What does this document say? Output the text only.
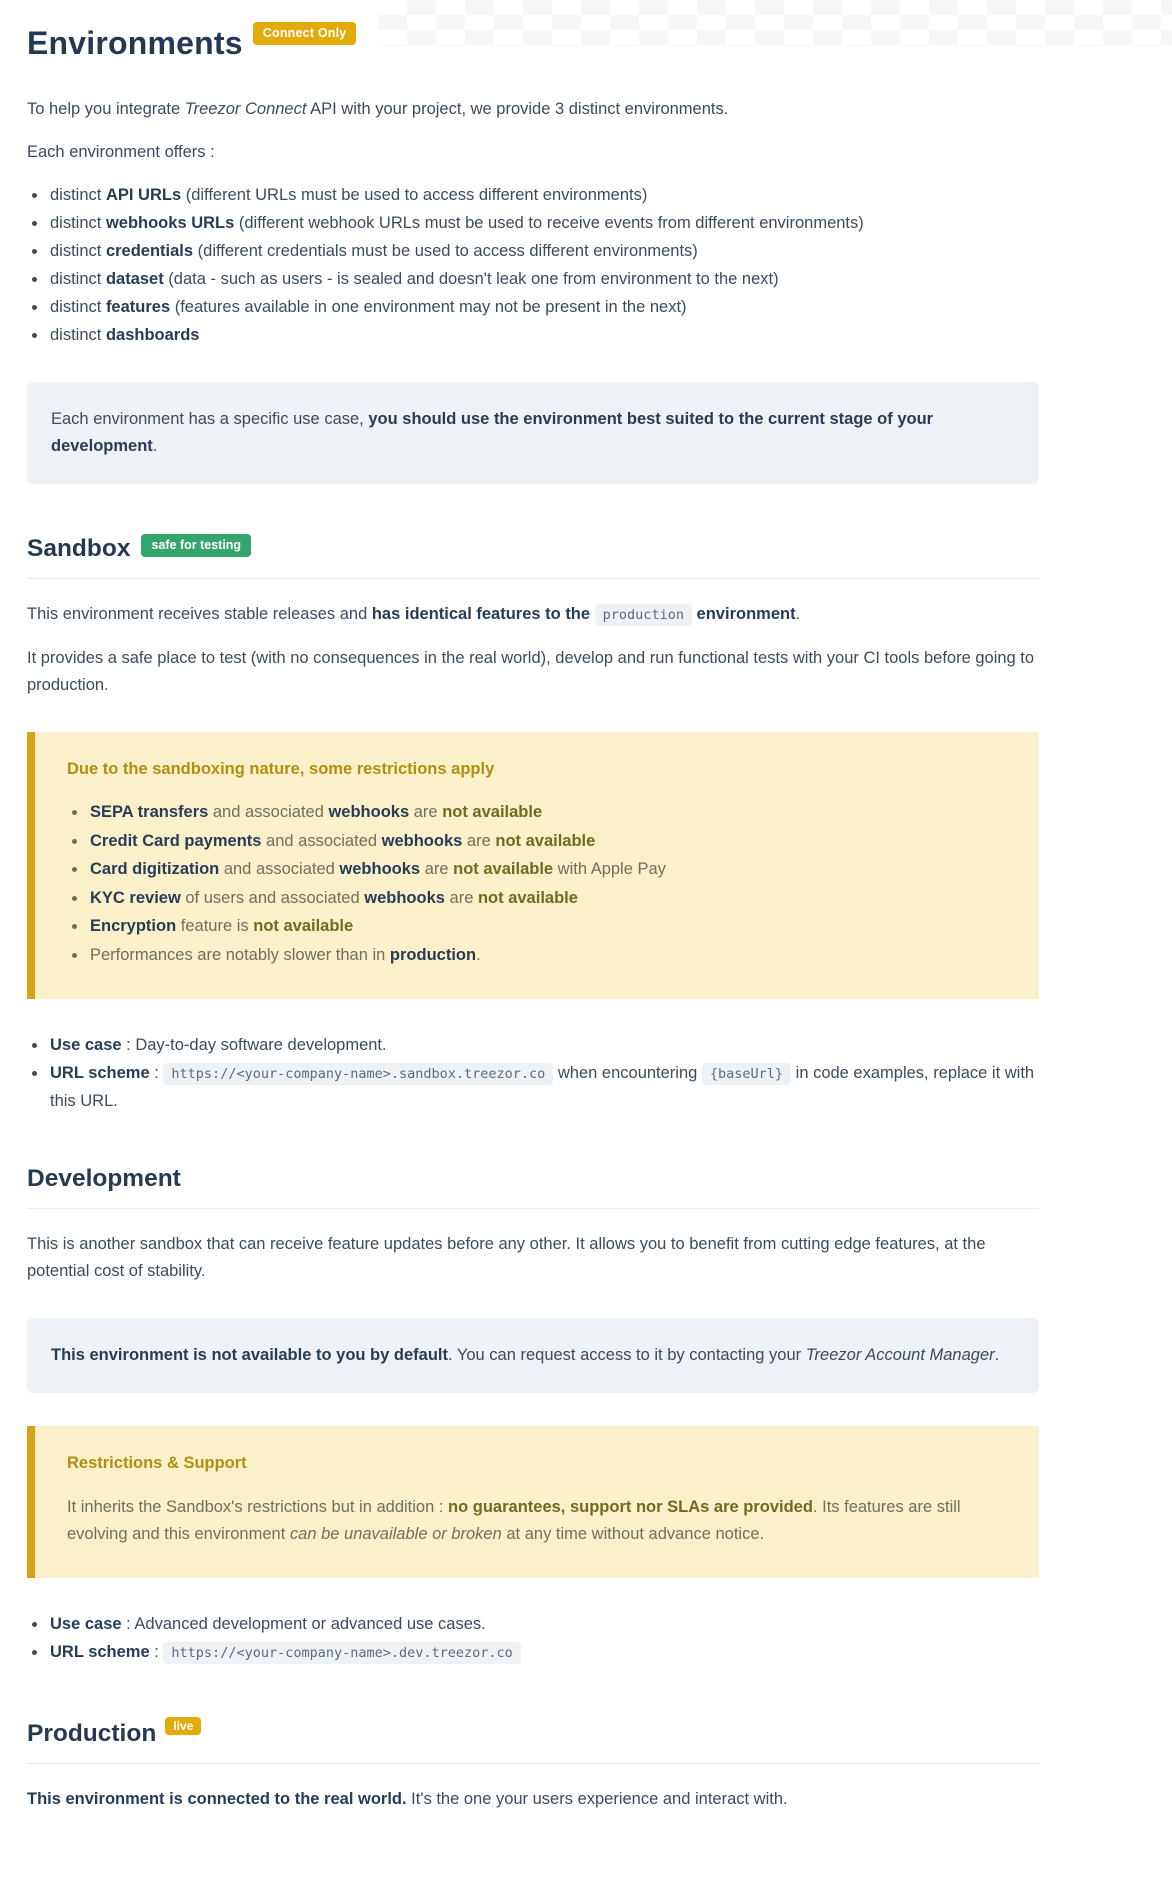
Environments Connect Only

To help you integrate Treezor Connect API with your project, we provide 3 distinct environments.

Each environment offers :

• distinct API URLs (different URLs must be used to access different environments)
• distinct webhooks URLs (different webhook URLs must be used to receive events from different environments)
• distinct credentials (different credentials must be used to access different environments)
• distinct dataset (data - such as users - is sealed and doesn't leak one from environment to the next)
• distinct features (features available in one environment may not be present in the next)
• distinct dashboards
Each environment has a specific use case, you should use the environment best suited to the current stage of your development.
Sandbox safe for testing

This environment receives stable releases and has identical features to the production environment.

It provides a safe place to test (with no consequences in the real world), develop and run functional tests with your CI tools before going to production.

Due to the sandboxing nature, some restrictions apply
• SEPA transfers and associated webhooks are not available
• Credit Card payments and associated webhooks are not available
• Card digitization and associated webhooks are not available with Apple Pay
• KYC review of users and associated webhooks are not available
• Encryption feature is not available
• Performances are notably slower than in production.
• Use case : Day-to-day software development.
• URL scheme : https://<your-company-name>.sandbox.treezor.co when encountering {baseUrl} in code examples, replace it with this URL.
Development

This is another sandbox that can receive feature updates before any other. It allows you to benefit from cutting edge features, at the potential cost of stability.

This environment is not available to you by default. You can request access to it by contacting your Treezor Account Manager.
Restrictions & Support

It inherits the Sandbox's restrictions but in addition : no guarantees, support nor SLAs are provided. Its features are still evolving and this environment can be unavailable or broken at any time without advance notice.

• Use case : Advanced development or advanced use cases.
• URL scheme : https://<your-company-name>.dev.treezor.co
Production live

This environment is connected to the real world. It's the one your users experience and interact with.
